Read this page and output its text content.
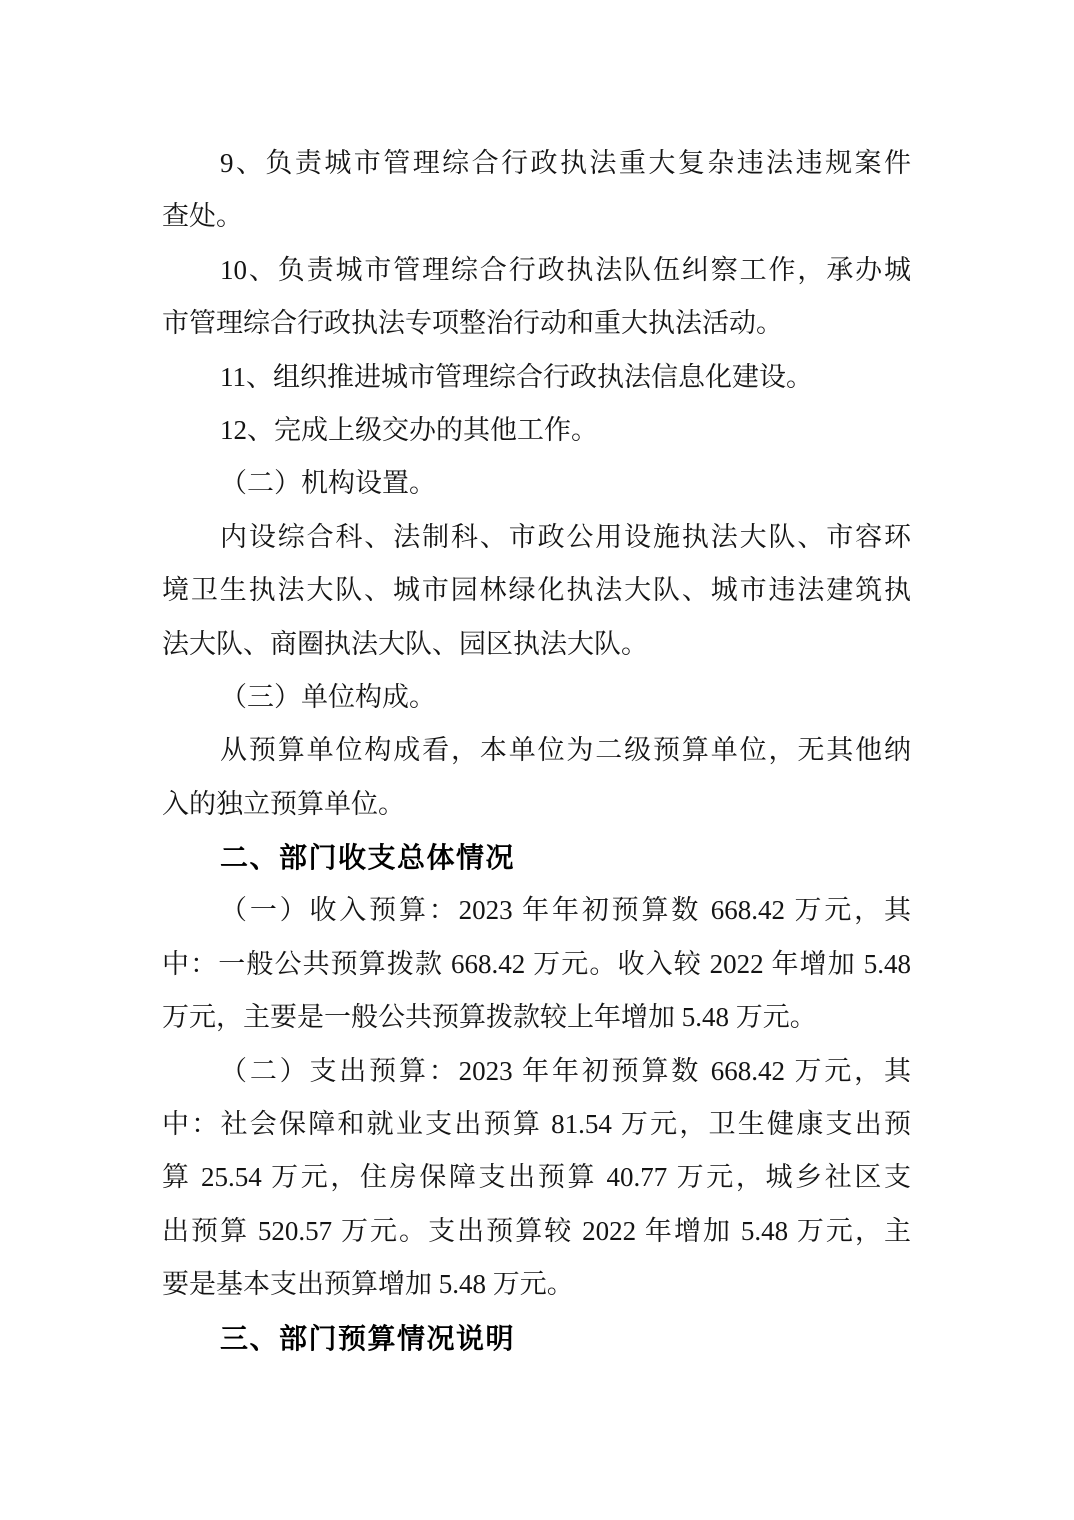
9、负责城市管理综合行政执法重大复杂违法违规案件
查处。
10、负责城市管理综合行政执法队伍纠察工作，承办城
市管理综合行政执法专项整治行动和重大执法活动。
11、组织推进城市管理综合行政执法信息化建设。
12、完成上级交办的其他工作。
（二）机构设置。
内设综合科、法制科、市政公用设施执法大队、市容环
境卫生执法大队、城市园林绿化执法大队、城市违法建筑执
法大队、商圈执法大队、园区执法大队。
（三）单位构成。
从预算单位构成看，本单位为二级预算单位，无其他纳
入的独立预算单位。
二、部门收支总体情况
（一）收入预算：2023 年年初预算数 668.42 万元，其
中：一般公共预算拨款 668.42 万元。收入较 2022 年增加 5.48
万元，主要是一般公共预算拨款较上年增加 5.48 万元。
（二）支出预算：2023 年年初预算数 668.42 万元，其
中：社会保障和就业支出预算 81.54 万元，卫生健康支出预
算 25.54 万元，住房保障支出预算 40.77 万元，城乡社区支
出预算 520.57 万元。支出预算较 2022 年增加 5.48 万元，主
要是基本支出预算增加 5.48 万元。
三、部门预算情况说明
